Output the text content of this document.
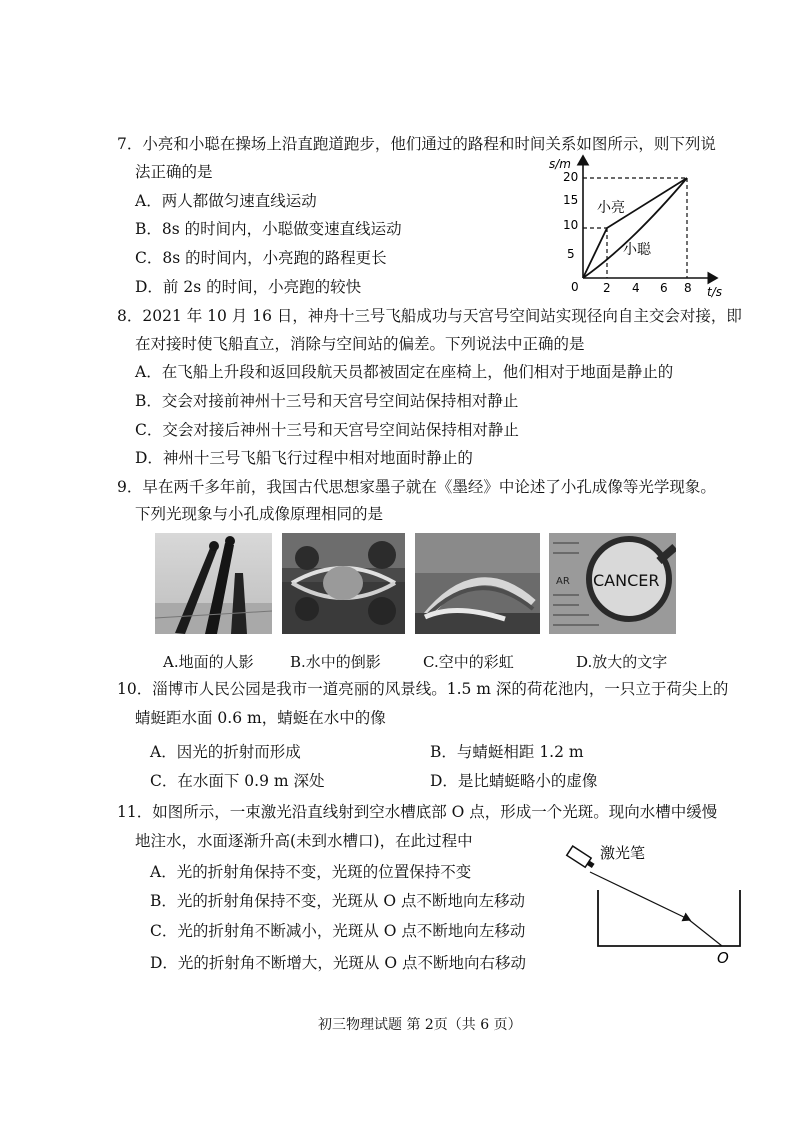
7．小亮和小聪在操场上沿直跑道跑步，他们通过的路程和时间关系如图所示，则下列说
法正确的是
A．两人都做匀速直线运动
B．8s 的时间内，小聪做变速直线运动
C．8s 的时间内，小亮跑的路程更长
D．前 2s 的时间，小亮跑的较快
s/m
t/s
0
5
10
15
20
2 4 6 8
小亮
小聪
8．2021 年 10 月 16 日，神舟十三号飞船成功与天宫号空间站实现径向自主交会对接，即
在对接时使飞船直立，消除与空间站的偏差。下列说法中正确的是
A．在飞船上升段和返回段航天员都被固定在座椅上，他们相对于地面是静止的
B．交会对接前神州十三号和天宫号空间站保持相对静止
C．交会对接后神州十三号和天宫号空间站保持相对静止
D．神州十三号飞船飞行过程中相对地面时静止的
9．早在两千多年前，我国古代思想家墨子就在《墨经》中论述了小孔成像等光学现象。
下列光现象与小孔成像原理相同的是
AR CANCER
A.地面的人影 B.水中的倒影	C.空中的彩虹	D.放大的文字
10．淄博市人民公园是我市一道亮丽的风景线。1.5 m 深的荷花池内，一只立于荷尖上的
蜻蜓距水面 0.6 m，蜻蜓在水中的像
A．因光的折射而形成	B．与蜻蜓相距 1.2 m
C．在水面下 0.9 m 深处	D．是比蜻蜓略小的虚像
11．如图所示，一束激光沿直线射到空水槽底部 O 点，形成一个光斑。现向水槽中缓慢
地注水，水面逐渐升高(未到水槽口)，在此过程中
A．光的折射角保持不变，光斑的位置保持不变
B．光的折射角保持不变，光斑从 O 点不断地向左移动
C．光的折射角不断减小，光斑从 O 点不断地向左移动
D．光的折射角不断增大，光斑从 O 点不断地向右移动
激光笔
O
初三物理试题 第 2页（共 6 页）
